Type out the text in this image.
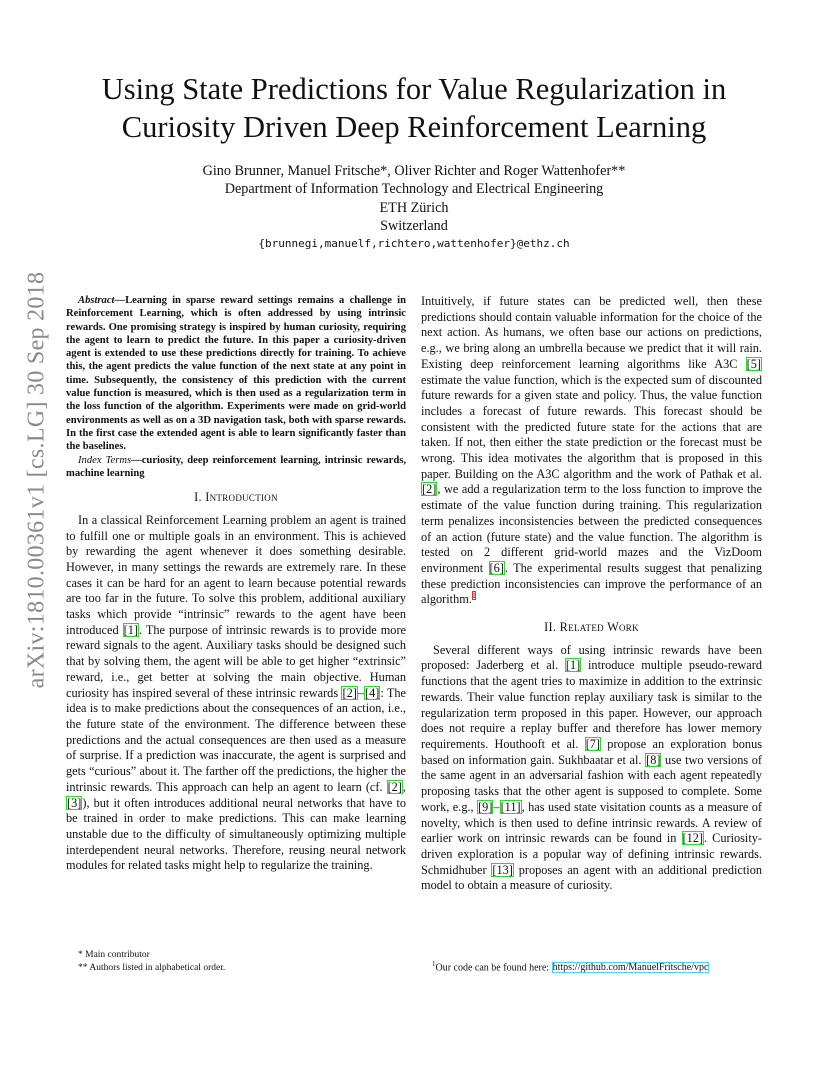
arXiv:1810.00361v1 [cs.LG] 30 Sep 2018
Using State Predictions for Value Regularization in
Curiosity Driven Deep Reinforcement Learning
Gino Brunner, Manuel Fritsche*, Oliver Richter and Roger Wattenhofer**
Department of Information Technology and Electrical Engineering
ETH Zürich
Switzerland
{brunnegi,manuelf,richtero,wattenhofer}@ethz.ch

Abstract—Learning in sparse reward settings remains a challenge in Reinforcement Learning, which is often addressed by using intrinsic rewards. One promising strategy is inspired by human curiosity, requiring the agent to learn to predict the future. In this paper a curiosity-driven agent is extended to use these predictions directly for training. To achieve this, the agent predicts the value function of the next state at any point in time. Subsequently, the consistency of this prediction with the current value function is measured, which is then used as a regularization term in the loss function of the algorithm. Experiments were made on grid-world environments as well as on a 3D navigation task, both with sparse rewards. In the first case the extended agent is able to learn significantly faster than the baselines.

Index Terms—curiosity, deep reinforcement learning, intrinsic rewards, machine learning

I. Introduction

In a classical Reinforcement Learning problem an agent is trained to fulfill one or multiple goals in an environment. This is achieved by rewarding the agent whenever it does something desirable. However, in many settings the rewards are extremely rare. In these cases it can be hard for an agent to learn because potential rewards are too far in the future. To solve this problem, additional auxiliary tasks which provide “intrinsic” rewards to the agent have been introduced [1]. The purpose of intrinsic rewards is to provide more reward signals to the agent. Auxiliary tasks should be designed such that by solving them, the agent will be able to get higher “extrinsic” reward, i.e., get better at solving the main objective. Human curiosity has inspired several of these intrinsic rewards [2]–[4]: The idea is to make predictions about the consequences of an action, i.e., the future state of the environment. The difference between these predictions and the actual consequences are then used as a measure of surprise. If a prediction was inaccurate, the agent is surprised and gets “curious” about it. The farther off the predictions, the higher the intrinsic rewards. This approach can help an agent to learn (cf. [2], [3]), but it often introduces additional neural networks that have to be trained in order to make predictions. This can make learning unstable due to the difficulty of simultaneously optimizing multiple interdependent neural networks. Therefore, reusing neural network modules for related tasks might help to regularize the training.

Intuitively, if future states can be predicted well, then these predictions should contain valuable information for the choice of the next action. As humans, we often base our actions on predictions, e.g., we bring along an umbrella because we predict that it will rain. Existing deep reinforcement learning algorithms like A3C [5] estimate the value function, which is the expected sum of discounted future rewards for a given state and policy. Thus, the value function includes a forecast of future rewards. This forecast should be consistent with the predicted future state for the actions that are taken. If not, then either the state prediction or the forecast must be wrong. This idea motivates the algorithm that is proposed in this paper. Building on the A3C algorithm and the work of Pathak et al. [2], we add a regularization term to the loss function to improve the estimate of the value function during training. This regularization term penalizes inconsistencies between the predicted consequences of an action (future state) and the value function. The algorithm is tested on 2 different grid-world mazes and the VizDoom environment [6]. The experimental results suggest that penalizing these prediction inconsistencies can improve the performance of an algorithm.$^1$

II. Related Work

Several different ways of using intrinsic rewards have been proposed: Jaderberg et al. [1] introduce multiple pseudo-reward functions that the agent tries to maximize in addition to the extrinsic rewards. Their value function replay auxiliary task is similar to the regularization term proposed in this paper. However, our approach does not require a replay buffer and therefore has lower memory requirements. Houthooft et al. [7] propose an exploration bonus based on information gain. Sukhbaatar et al. [8] use two versions of the same agent in an adversarial fashion with each agent repeatedly proposing tasks that the other agent is supposed to complete. Some work, e.g., [9]–[11], has used state visitation counts as a measure of novelty, which is then used to define intrinsic rewards. A review of earlier work on intrinsic rewards can be found in [12]. Curiosity-driven exploration is a popular way of defining intrinsic rewards. Schmidhuber [13] proposes an agent with an additional prediction model to obtain a measure of curiosity.

* Main contributor
** Authors listed in alphabetical order.	$^1$Our code can be found here: https://github.com/ManuelFritsche/vpc
